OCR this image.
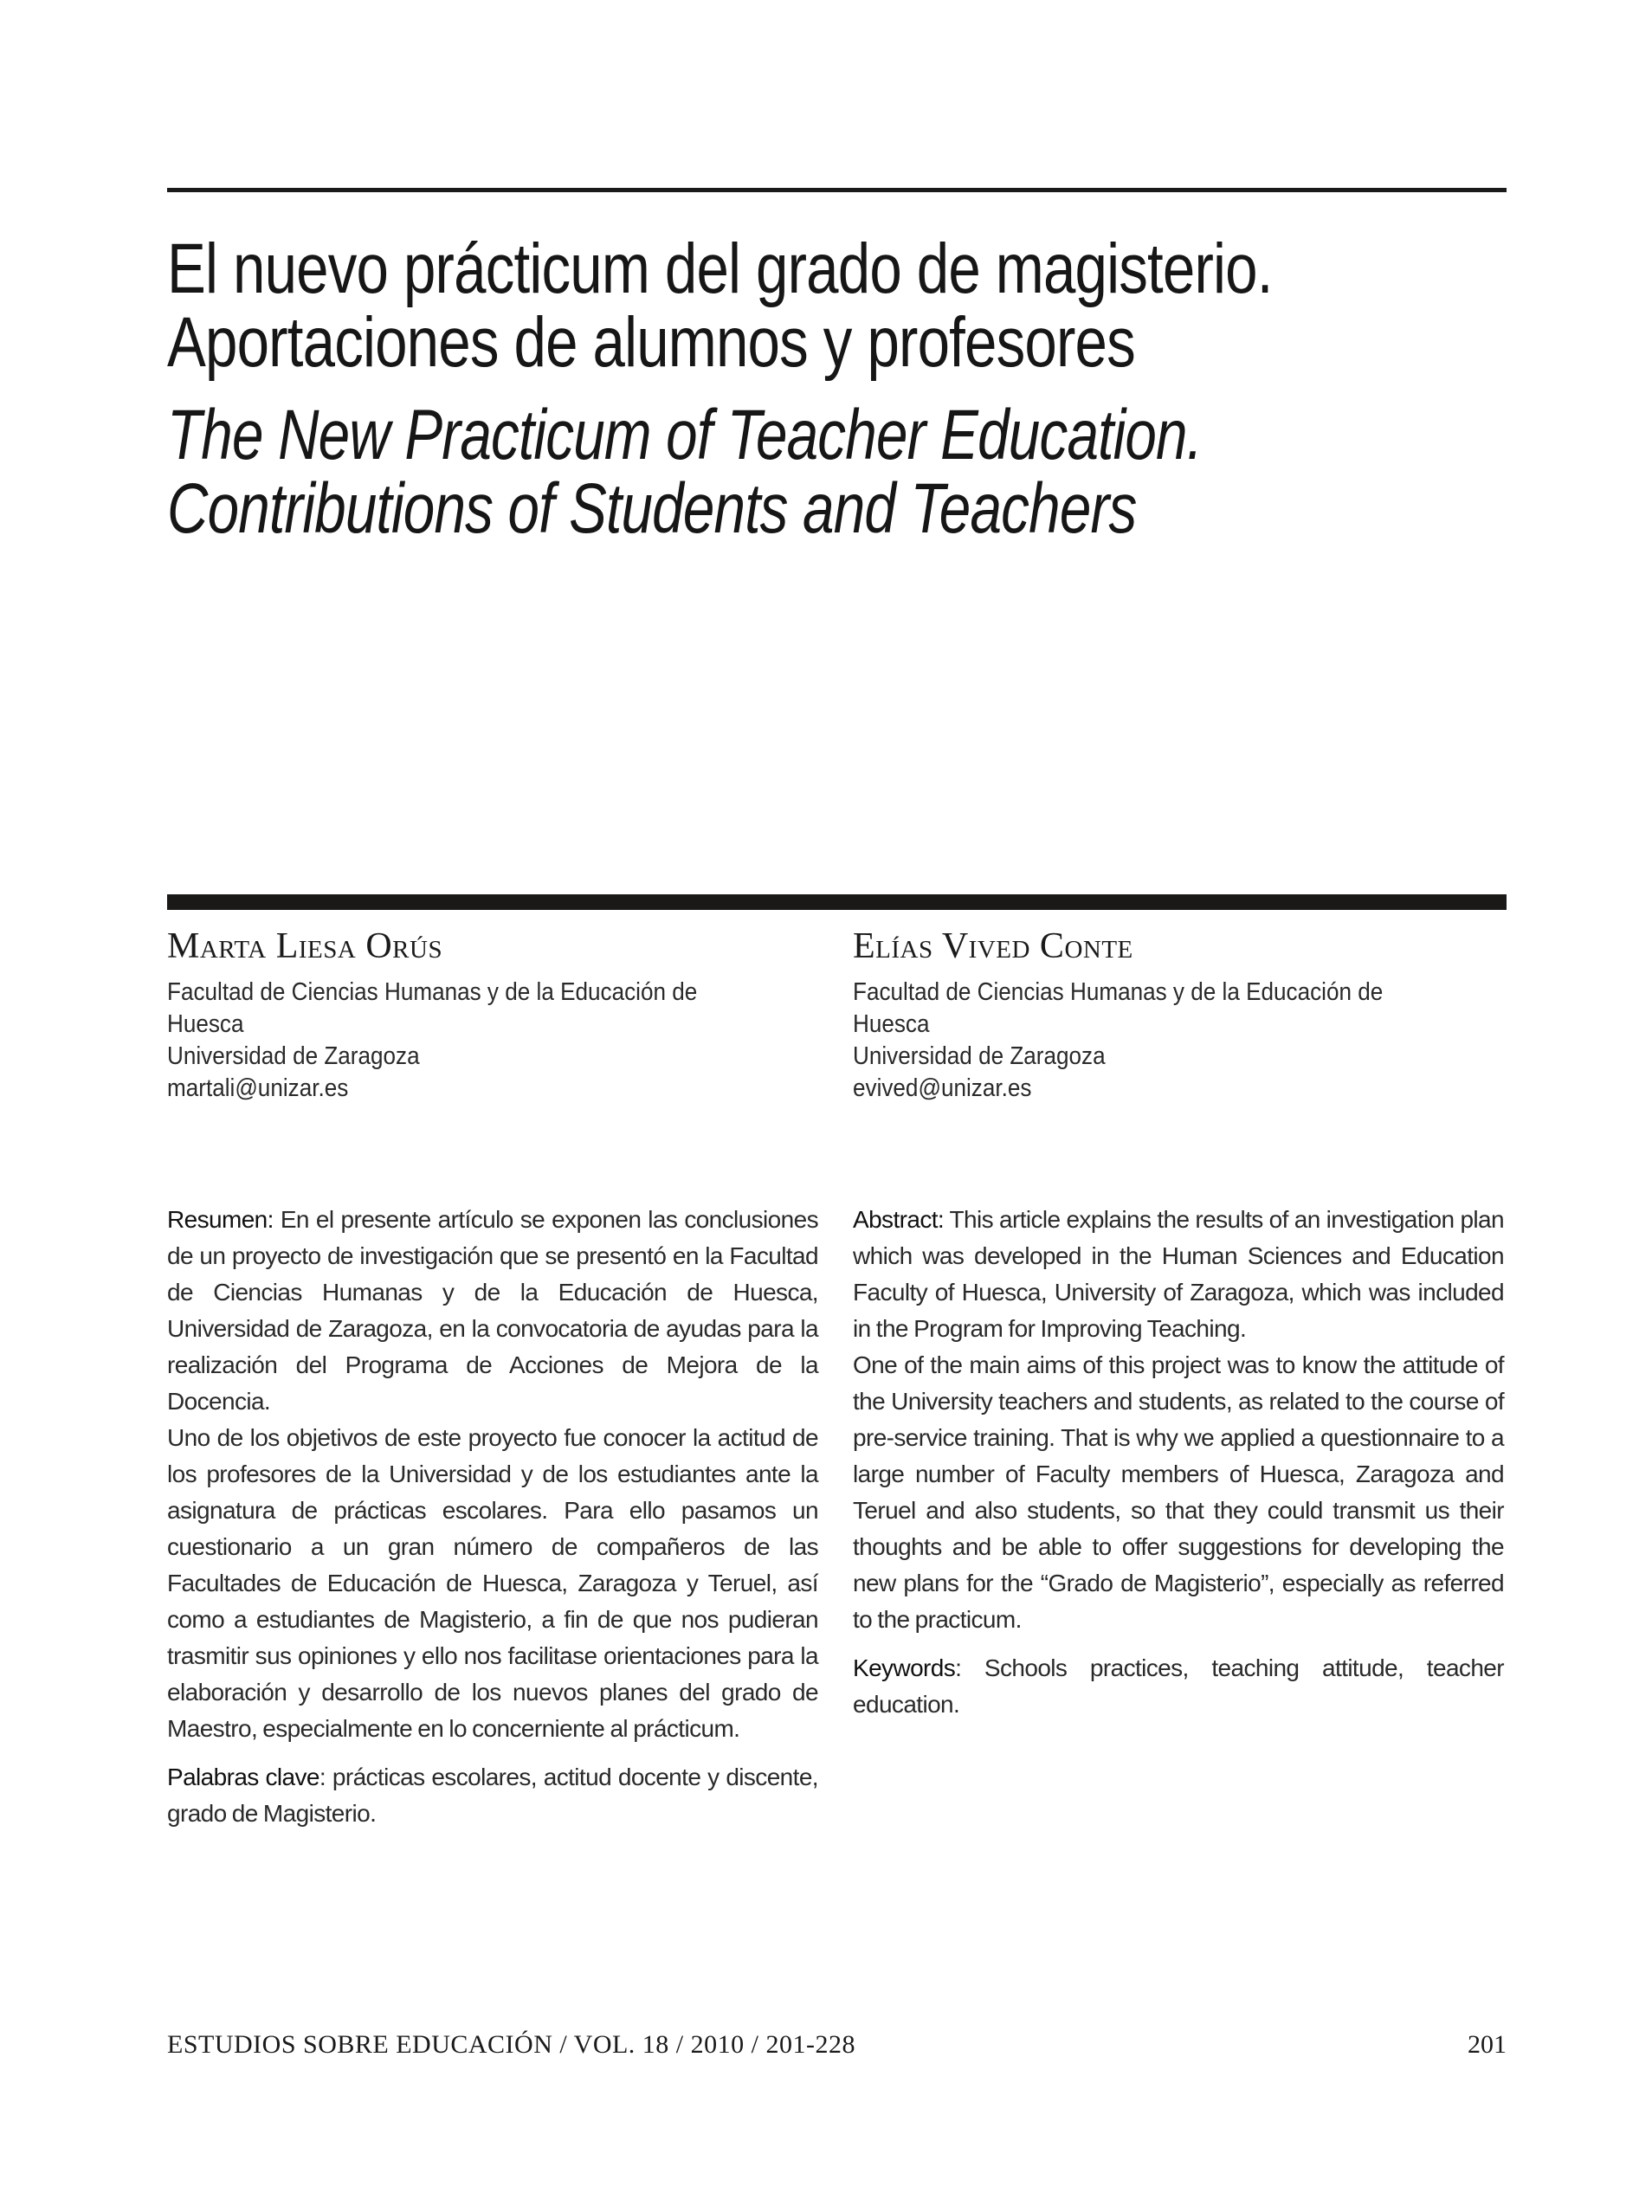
El nuevo prácticum del grado de magisterio.
Aportaciones de alumnos y profesores
The New Practicum of Teacher Education.
Contributions of Students and Teachers
Marta Liesa Orús
Facultad de Ciencias Humanas y de la Educación de
Huesca
Universidad de Zaragoza
martali@unizar.es
Elías Vived Conte
Facultad de Ciencias Humanas y de la Educación de
Huesca
Universidad de Zaragoza
evived@unizar.es

Resumen: En el presente artículo se exponen las conclusiones de un proyecto de investigación que se presentó en la Facultad de Ciencias Humanas y de la Educación de Huesca, Universidad de Zaragoza, en la convocatoria de ayudas para la realización del Programa de Acciones de Mejora de la Docencia.

Uno de los objetivos de este proyecto fue conocer la actitud de los profesores de la Universidad y de los estudiantes ante la asignatura de prácticas escolares. Para ello pasamos un cuestionario a un gran número de compañeros de las Facultades de Educación de Huesca, Zaragoza y Teruel, así como a estudiantes de Magisterio, a fin de que nos pudieran trasmitir sus opiniones y ello nos facilitase orientaciones para la elaboración y desarrollo de los nuevos planes del grado de Maestro, especialmente en lo concerniente al prácticum.

Palabras clave: prácticas escolares, actitud docente y discente, grado de Magisterio.

Abstract: This article explains the results of an investigation plan which was developed in the Human Sciences and Education Faculty of Huesca, University of Zaragoza, which was included in the Program for Improving Teaching.

One of the main aims of this project was to know the attitude of the University teachers and students, as related to the course of pre-service training. That is why we applied a questionnaire to a large number of Faculty members of Huesca, Zaragoza and Teruel and also students, so that they could transmit us their thoughts and be able to offer suggestions for developing the new plans for the “Grado de Magisterio”, especially as referred to the practicum.

Keywords: Schools practices, teaching attitude, teacher education.

ESTUDIOS SOBRE EDUCACIÓN / VOL. 18 / 2010 / 201-228	201
